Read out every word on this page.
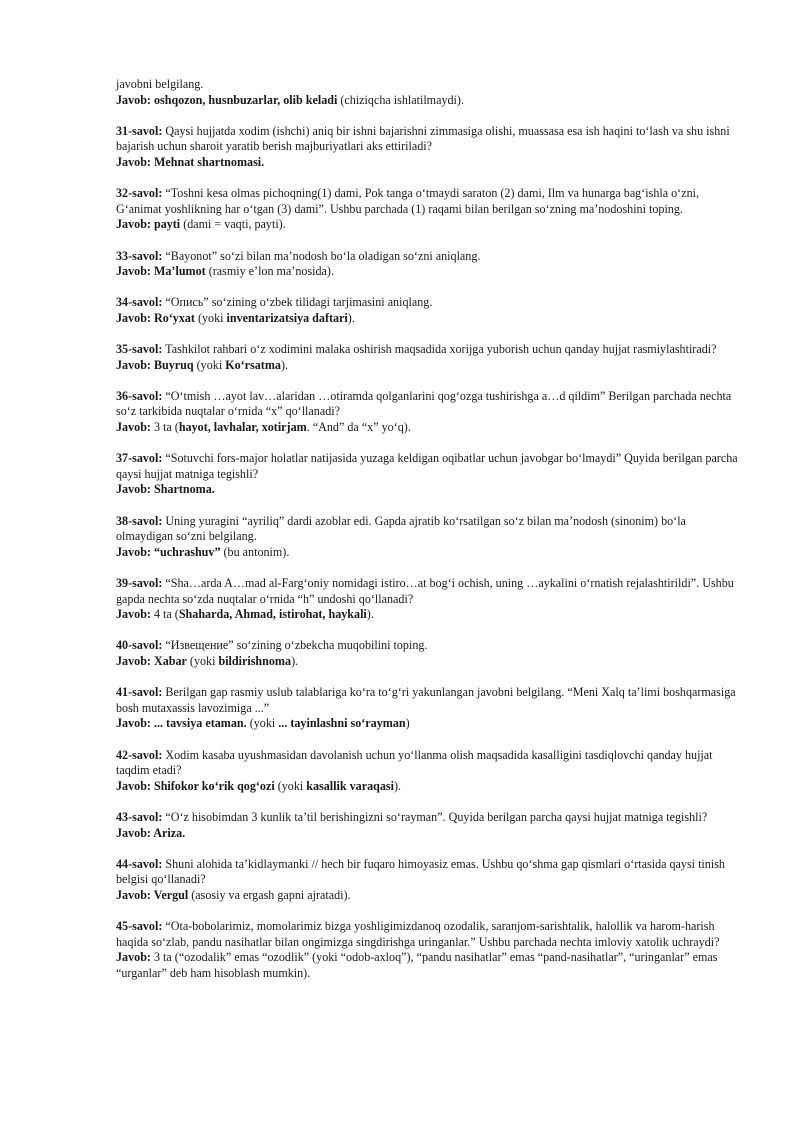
javobni belgilang.

Javob: oshqozon, husnbuzarlar, olib keladi (chiziqcha ishlatilmaydi).

31-savol: Qaysi hujjatda xodim (ishchi) aniq bir ishni bajarishni zimmasiga olishi, muassasa esa ish haqini to‘lash va shu ishni bajarish uchun sharoit yaratib berish majburiyatlari aks ettiriladi?

Javob: Mehnat shartnomasi.

32-savol: “Toshni kesa olmas pichoqning(1) dami, Pok tanga o‘tmaydi saraton (2) dami, Ilm va hunarga bag‘ishla o‘zni, G‘animat yoshlikning har o‘tgan (3) dami”. Ushbu parchada (1) raqami bilan berilgan so‘zning ma’nodoshini toping.

Javob: payti (dami = vaqti, payti).

33-savol: “Bayonot” so‘zi bilan ma’nodosh bo‘la oladigan so‘zni aniqlang.

Javob: Ma’lumot (rasmiy e’lon ma’nosida).

34-savol: “Опись” so‘zining o‘zbek tilidagi tarjimasini aniqlang.

Javob: Ro‘yxat (yoki inventarizatsiya daftari).

35-savol: Tashkilot rahbari o‘z xodimini malaka oshirish maqsadida xorijga yuborish uchun qanday hujjat rasmiylashtiradi?

Javob: Buyruq (yoki Ko‘rsatma).

36-savol: “O‘tmish …ayot lav…alaridan …otiramda qolganlarini qog‘ozga tushirishga a…d qildim” Berilgan parchada nechta so‘z tarkibida nuqtalar o‘rnida “x” qo‘llanadi?

Javob: 3 ta (hayot, lavhalar, xotirjam. “And” da “x” yo‘q).

37-savol: “Sotuvchi fors-major holatlar natijasida yuzaga keldigan oqibatlar uchun javobgar bo‘lmaydi” Quyida berilgan parcha qaysi hujjat matniga tegishli?

Javob: Shartnoma.

38-savol: Uning yuragini “ayriliq” dardi azoblar edi. Gapda ajratib ko‘rsatilgan so‘z bilan ma’nodosh (sinonim) bo‘la olmaydigan so‘zni belgilang.

Javob: “uchrashuv” (bu antonim).

39-savol: “Sha…arda A…mad al-Farg‘oniy nomidagi istiro…at bog‘i ochish, uning …aykalini o‘rnatish rejalashtirildi”. Ushbu gapda nechta so‘zda nuqtalar o‘rnida “h” undoshi qo‘llanadi?

Javob: 4 ta (Shaharda, Ahmad, istirohat, haykali).

40-savol: “Извещение” so‘zining o‘zbekcha muqobilini toping.

Javob: Xabar (yoki bildirishnoma).

41-savol: Berilgan gap rasmiy uslub talablariga ko‘ra to‘g‘ri yakunlangan javobni belgilang. “Meni Xalq ta’limi boshqarmasiga bosh mutaxassis lavozimiga ...”

Javob: ... tavsiya etaman. (yoki ... tayinlashni so‘rayman)

42-savol: Xodim kasaba uyushmasidan davolanish uchun yo‘llanma olish maqsadida kasalligini tasdiqlovchi qanday hujjat taqdim etadi?

Javob: Shifokor ko‘rik qog‘ozi (yoki kasallik varaqasi).

43-savol: “O‘z hisobimdan 3 kunlik ta’til berishingizni so‘rayman”. Quyida berilgan parcha qaysi hujjat matniga tegishli?

Javob: Ariza.

44-savol: Shuni alohida ta’kidlaymanki // hech bir fuqaro himoyasiz emas. Ushbu qo‘shma gap qismlari o‘rtasida qaysi tinish belgisi qo‘llanadi?

Javob: Vergul (asosiy va ergash gapni ajratadi).

45-savol: “Ota-bobolarimiz, momolarimiz bizga yoshligimizdanoq ozodalik, saranjom-sarishtalik, halollik va harom-harish haqida so‘zlab, pandu nasihatlar bilan ongimizga singdirishga uringanlar.” Ushbu parchada nechta imloviy xatolik uchraydi?

Javob: 3 ta (“ozodalik” emas “ozodlik” (yoki “odob-axloq”), “pandu nasihatlar” emas “pand-nasihatlar”, “uringanlar” emas “urganlar” deb ham hisoblash mumkin).
